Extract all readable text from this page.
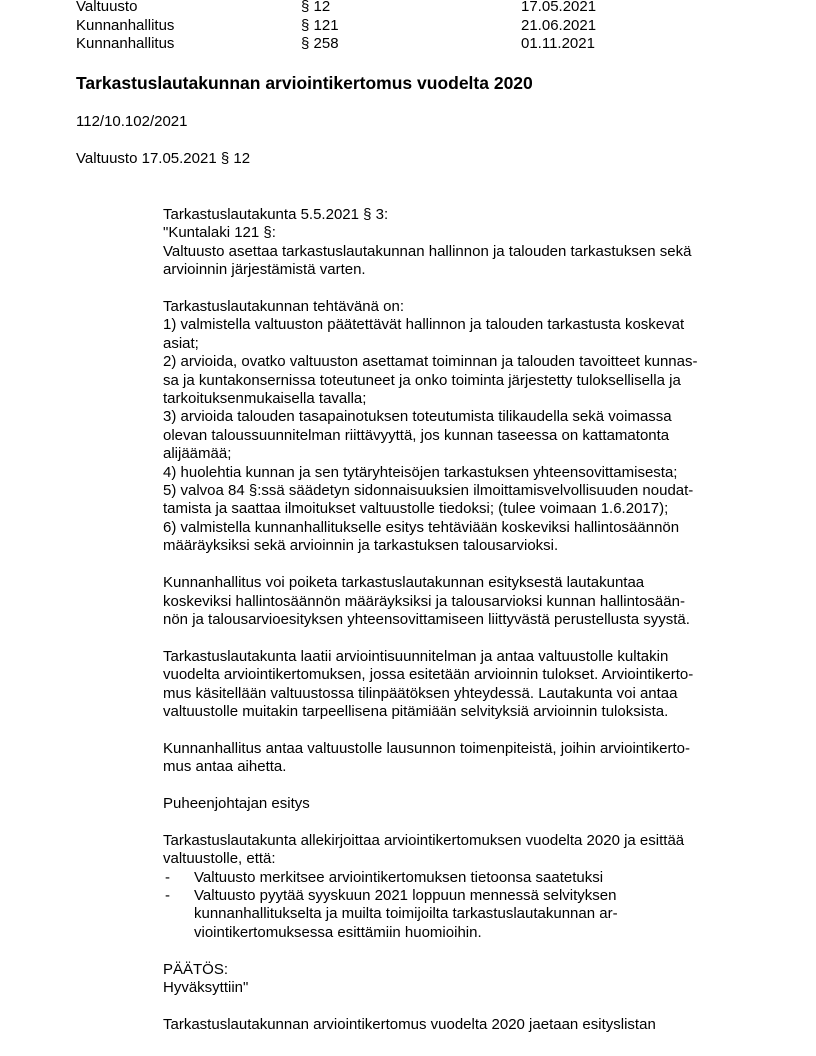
Valtuusto	§ 12	17.05.2021
Kunnanhallitus	§ 121	21.06.2021
Kunnanhallitus	§ 258	01.11.2021
Tarkastuslautakunnan arviointikertomus vuodelta 2020
112/10.102/2021
Valtuusto 17.05.2021 § 12

Tarkastuslautakunta 5.5.2021 § 3:
"Kuntalaki 121 §:
Valtuusto asettaa tarkastuslautakunnan hallinnon ja talouden tarkastuksen sekä
arvioinnin järjestämistä varten.

Tarkastuslautakunnan tehtävänä on:
1) valmistella valtuuston päätettävät hallinnon ja talouden tarkastusta koskevat
asiat;
2) arvioida, ovatko valtuuston asettamat toiminnan ja talouden tavoitteet kunnas-
sa ja kuntakonsernissa toteutuneet ja onko toiminta järjestetty tuloksellisella ja
tarkoituksenmukaisella tavalla;
3) arvioida talouden tasapainotuksen toteutumista tilikaudella sekä voimassa
olevan taloussuunnitelman riittävyyttä, jos kunnan taseessa on kattamatonta
alijäämää;
4) huolehtia kunnan ja sen tytäryhteisöjen tarkastuksen yhteensovittamisesta;
5) valvoa 84 §:ssä säädetyn sidonnaisuuksien ilmoittamisvelvollisuuden noudat-
tamista ja saattaa ilmoitukset valtuustolle tiedoksi; (tulee voimaan 1.6.2017);
6) valmistella kunnanhallitukselle esitys tehtäviään koskeviksi hallintosäännön
määräyksiksi sekä arvioinnin ja tarkastuksen talousarvioksi.

Kunnanhallitus voi poiketa tarkastuslautakunnan esityksestä lautakuntaa
koskeviksi hallintosäännön määräyksiksi ja talousarvioksi kunnan hallintosään-
nön ja talousarvioesityksen yhteensovittamiseen liittyvästä perustellusta syystä.

Tarkastuslautakunta laatii arviointisuunnitelman ja antaa valtuustolle kultakin
vuodelta arviointikertomuksen, jossa esitetään arvioinnin tulokset. Arviointikerto-
mus käsitellään valtuustossa tilinpäätöksen yhteydessä. Lautakunta voi antaa
valtuustolle muitakin tarpeellisena pitämiään selvityksiä arvioinnin tuloksista.

Kunnanhallitus antaa valtuustolle lausunnon toimenpiteistä, joihin arviointikerto-
mus antaa aihetta.

Puheenjohtajan esitys

Tarkastuslautakunta allekirjoittaa arviointikertomuksen vuodelta 2020 ja esittää
valtuustolle, että:
- Valtuusto merkitsee arviointikertomuksen tietoonsa saatetuksi
- Valtuusto pyytää syyskuun 2021 loppuun mennessä selvityksen
kunnanhallitukselta ja muilta toimijoilta tarkastuslautakunnan ar-
viointikertomuksessa esittämiin huomioihin.

PÄÄTÖS:
Hyväksyttiin"

Tarkastuslautakunnan arviointikertomus vuodelta 2020 jaetaan esityslistan
